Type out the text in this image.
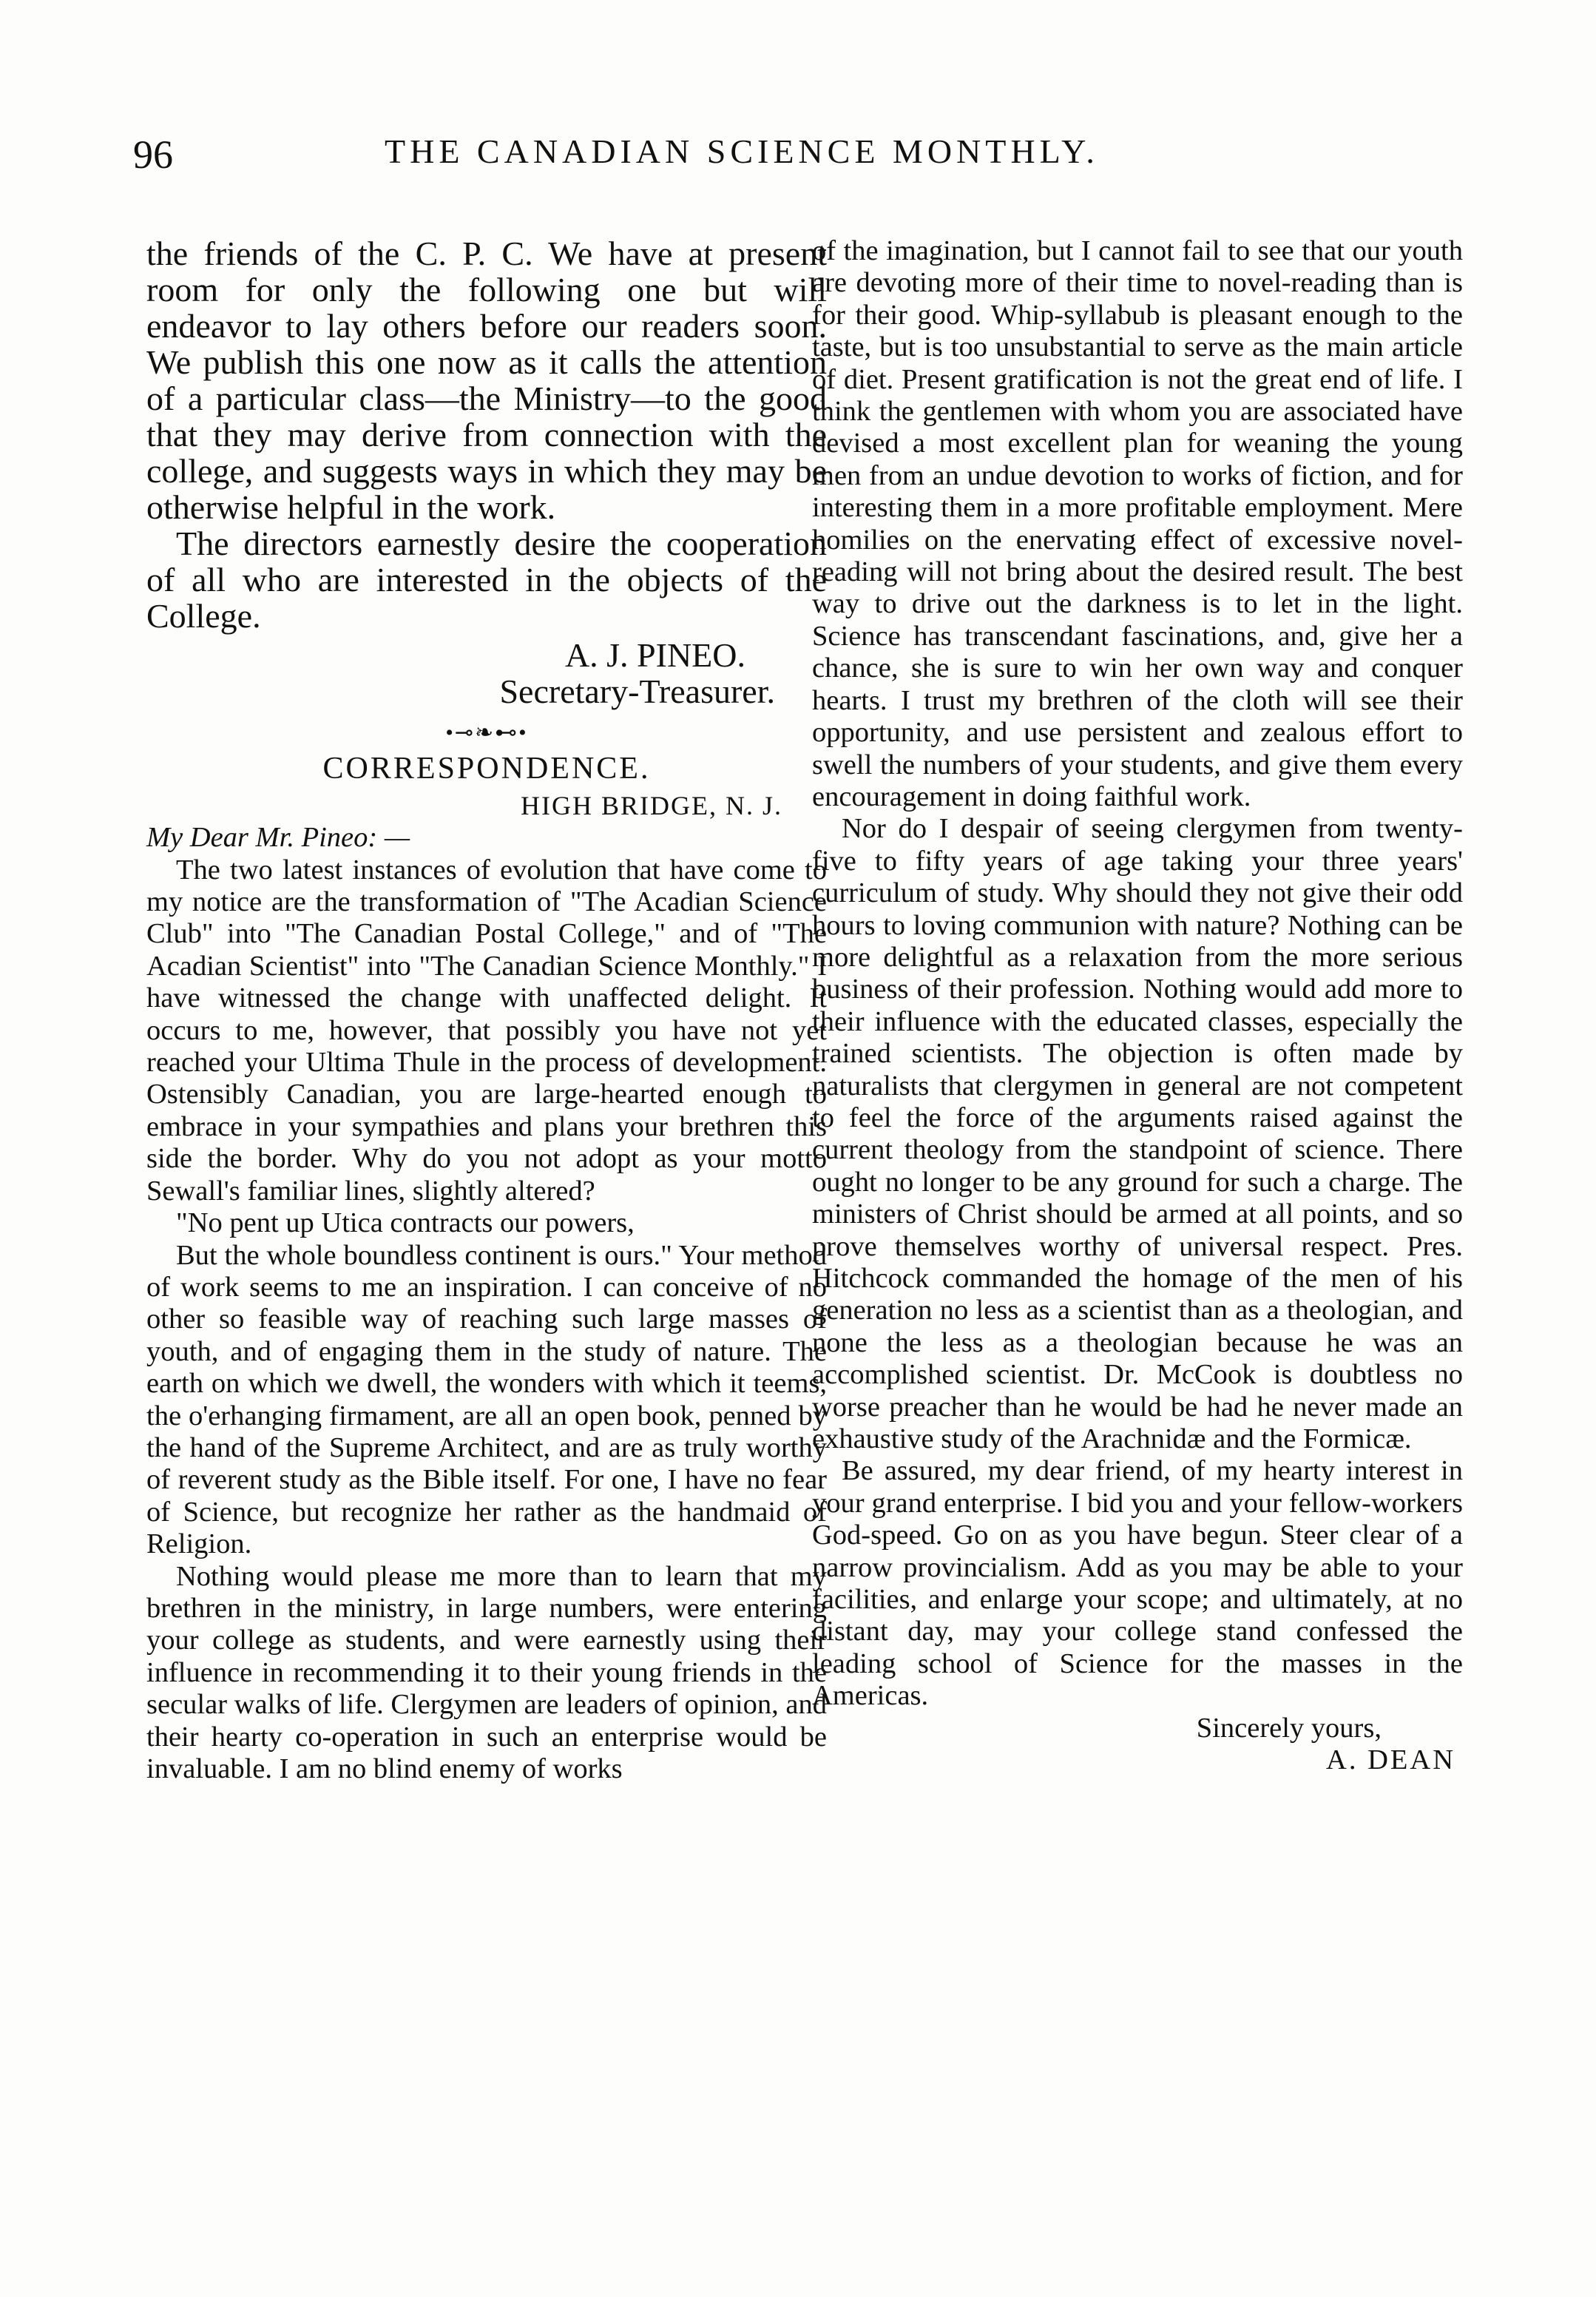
96	THE CANADIAN SCIENCE MONTHLY.

the friends of the C. P. C. We have at present room for only the following one but will endeavor to lay others before our readers soon. We publish this one now as it calls the attention of a particular class—the Ministry—to the good that they may derive from connection with the college, and suggests ways in which they may be otherwise helpful in the work.

The directors earnestly desire the cooperation of all who are interested in the objects of the College.

A. J. PINEO.
Secretary-Treasurer.
•⊸❧⊷•
CORRESPONDENCE.
HIGH BRIDGE, N. J.
My Dear Mr. Pineo: —

The two latest instances of evolution that have come to my notice are the transformation of "The Acadian Science Club" into "The Canadian Postal College," and of "The Acadian Scientist" into "The Canadian Science Monthly." I have witnessed the change with unaffected delight. It occurs to me, however, that possibly you have not yet reached your Ultima Thule in the process of development. Ostensibly Canadian, you are large-hearted enough to embrace in your sympathies and plans your brethren this side the border. Why do you not adopt as your motto Sewall's familiar lines, slightly altered?

"No pent up Utica contracts our powers,

But the whole boundless continent is ours." Your method of work seems to me an inspiration. I can conceive of no other so feasible way of reaching such large masses of youth, and of engaging them in the study of nature. The earth on which we dwell, the wonders with which it teems, the o'erhanging firmament, are all an open book, penned by the hand of the Supreme Architect, and are as truly worthy of reverent study as the Bible itself. For one, I have no fear of Science, but recognize her rather as the handmaid of Religion.

Nothing would please me more than to learn that my brethren in the ministry, in large numbers, were entering your college as students, and were earnestly using their influence in recommending it to their young friends in the secular walks of life. Clergymen are leaders of opinion, and their hearty co-operation in such an enterprise would be invaluable. I am no blind enemy of works

of the imagination, but I cannot fail to see that our youth are devoting more of their time to novel-reading than is for their good. Whip-syllabub is pleasant enough to the taste, but is too unsubstantial to serve as the main article of diet. Present gratification is not the great end of life. I think the gentlemen with whom you are associated have devised a most excellent plan for weaning the young men from an undue devotion to works of fiction, and for interesting them in a more profitable employment. Mere homilies on the enervating effect of excessive novel-reading will not bring about the desired result. The best way to drive out the darkness is to let in the light. Science has transcendant fascinations, and, give her a chance, she is sure to win her own way and conquer hearts. I trust my brethren of the cloth will see their opportunity, and use persistent and zealous effort to swell the numbers of your students, and give them every encouragement in doing faithful work.

Nor do I despair of seeing clergymen from twenty-five to fifty years of age taking your three years' curriculum of study. Why should they not give their odd hours to loving communion with nature? Nothing can be more delightful as a relaxation from the more serious business of their profession. Nothing would add more to their influence with the educated classes, especially the trained scientists. The objection is often made by naturalists that clergymen in general are not competent to feel the force of the arguments raised against the current theology from the standpoint of science. There ought no longer to be any ground for such a charge. The ministers of Christ should be armed at all points, and so prove themselves worthy of universal respect. Pres. Hitchcock commanded the homage of the men of his generation no less as a scientist than as a theologian, and none the less as a theologian because he was an accomplished scientist. Dr. McCook is doubtless no worse preacher than he would be had he never made an exhaustive study of the Arachnidæ and the Formicæ.

Be assured, my dear friend, of my hearty interest in your grand enterprise. I bid you and your fellow-workers God-speed. Go on as you have begun. Steer clear of a narrow provincialism. Add as you may be able to your facilities, and enlarge your scope; and ultimately, at no distant day, may your college stand confessed the leading school of Science for the masses in the Americas.

Sincerely yours,
A. DEAN
